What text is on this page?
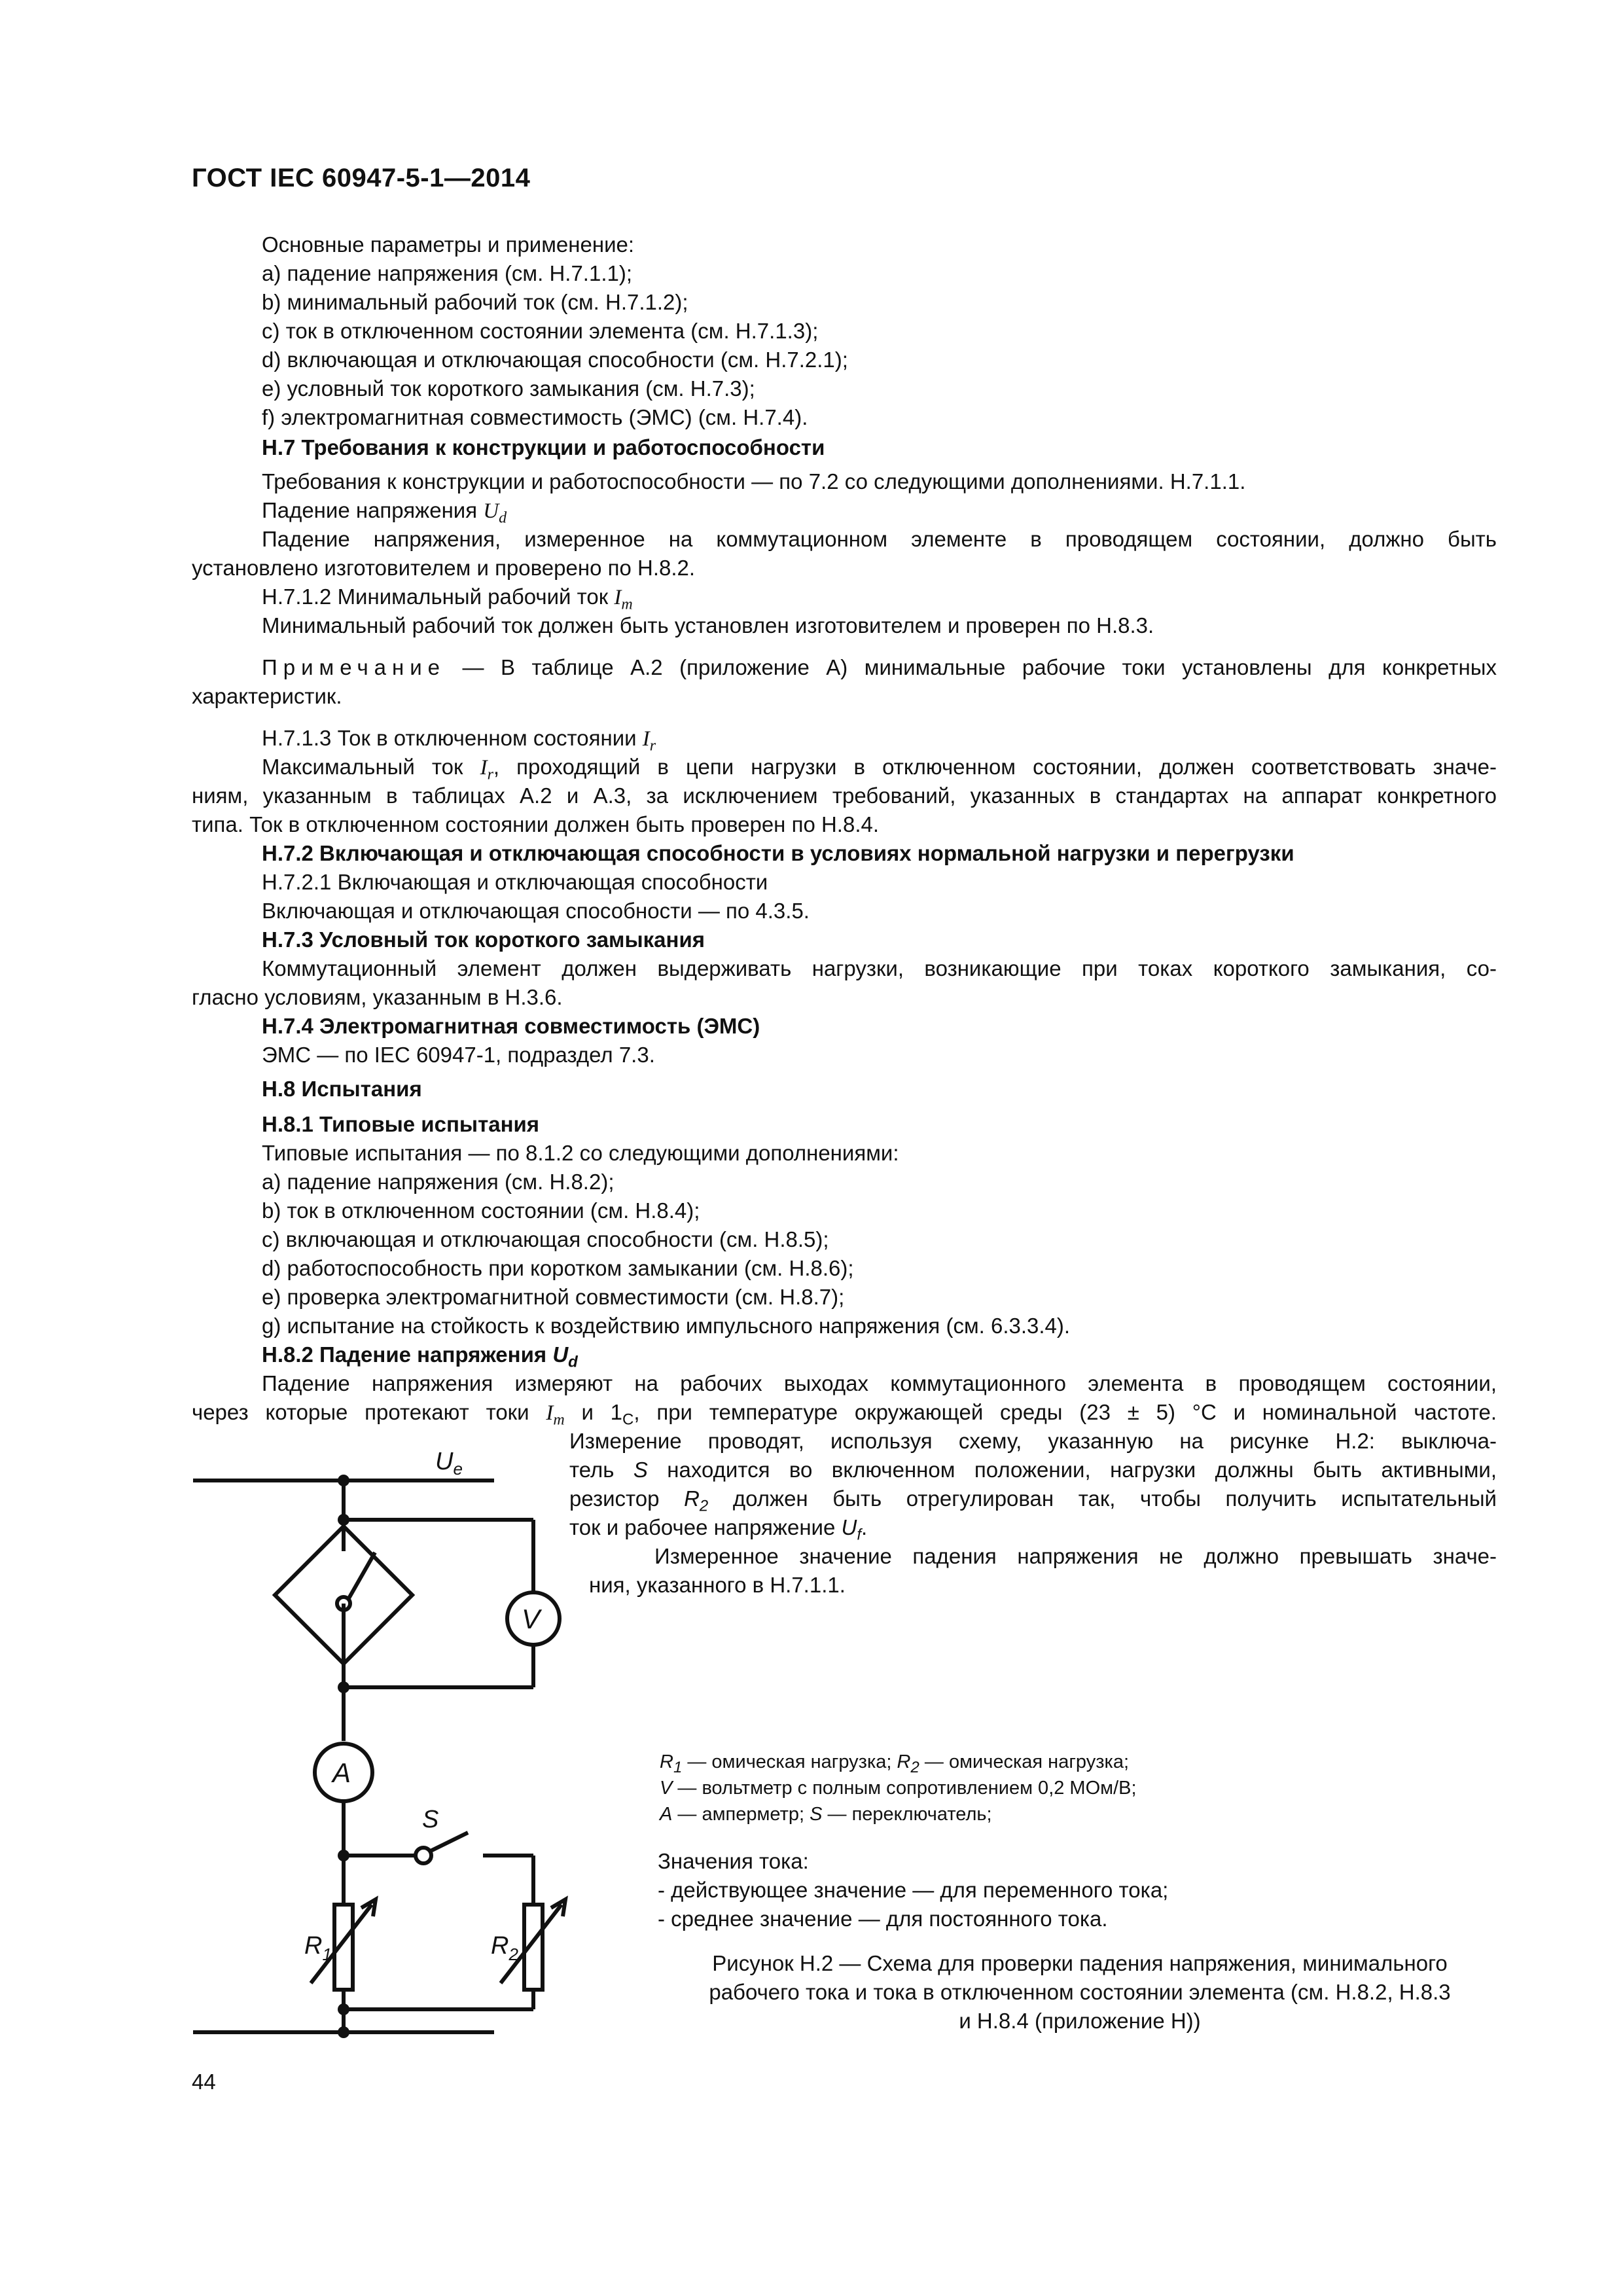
ГОСТ IEC 60947-5-1—2014
Основные параметры и применение:
a) падение напряжения (см. Н.7.1.1);
b) минимальный рабочий ток (см. Н.7.1.2);
c) ток в отключенном состоянии элемента (см. Н.7.1.3);
d) включающая и отключающая способности (см. Н.7.2.1);
e) условный ток короткого замыкания (см. Н.7.3);
f) электромагнитная совместимость (ЭМС) (см. Н.7.4).
Н.7 Требования к конструкции и работоспособности
Требования к конструкции и работоспособности — по 7.2 со следующими дополнениями. Н.7.1.1.
Падение напряжения $U_d$
Падение напряжения, измеренное на коммутационном элементе в проводящем состоянии, должно быть
установлено изготовителем и проверено по Н.8.2.
Н.7.1.2 Минимальный рабочий ток $I_m$
Минимальный рабочий ток должен быть установлен изготовителем и проверен по Н.8.3.
Примечание — В таблице А.2 (приложение А) минимальные рабочие токи установлены для конкретных
характеристик.
Н.7.1.3 Ток в отключенном состоянии $I_r$
Максимальный ток $I_r$, проходящий в цепи нагрузки в отключенном состоянии, должен соответствовать значе-
ниям, указанным в таблицах А.2 и А.3, за исключением требований, указанных в стандартах на аппарат конкретного
типа. Ток в отключенном состоянии должен быть проверен по Н.8.4.
Н.7.2 Включающая и отключающая способности в условиях нормальной нагрузки и перегрузки
Н.7.2.1 Включающая и отключающая способности
Включающая и отключающая способности — по 4.3.5.
Н.7.3 Условный ток короткого замыкания
Коммутационный элемент должен выдерживать нагрузки, возникающие при токах короткого замыкания, со-
гласно условиям, указанным в Н.3.6.
Н.7.4 Электромагнитная совместимость (ЭМС)
ЭМС — по IEC 60947-1, подраздел 7.3.
Н.8 Испытания
Н.8.1 Типовые испытания
Типовые испытания — по 8.1.2 со следующими дополнениями:
a) падение напряжения (см. Н.8.2);
b) ток в отключенном состоянии (см. Н.8.4);
c) включающая и отключающая способности (см. Н.8.5);
d) работоспособность при коротком замыкании (см. Н.8.6);
e) проверка электромагнитной совместимости (см. Н.8.7);
g) испытание на стойкость к воздействию импульсного напряжения (см. 6.3.3.4).
Н.8.2 Падение напряжения $U_d$
Падение напряжения измеряют на рабочих выходах коммутационного элемента в проводящем состоянии,
через которые протекают токи $I_m$ и $1_C$, при температуре окружающей среды (23 ± 5) °С и номинальной частоте.
Измерение проводят, используя схему, указанную на рисунке Н.2: выключа-
тель S находится во включенном положении, нагрузки должны быть активными,
резистор $R_2$ должен быть отрегулирован так, чтобы получить испытательный
ток и рабочее напряжение $U_f$.
Измеренное значение падения напряжения не должно превышать значе-
ния, указанного в Н.7.1.1.
$U_e$
V
A
S
$R_1$	$R_2$
$R_1$ — омическая нагрузка; $R_2$ — омическая нагрузка;
V — вольтметр с полным сопротивлением 0,2 МОм/В;
A — амперметр; S — переключатель;
Значения тока:
- действующее значение — для переменного тока;
- среднее значение — для постоянного тока.
Рисунок Н.2 — Схема для проверки падения напряжения, минимального
рабочего тока и тока в отключенном состоянии элемента (см. Н.8.2, Н.8.3
и Н.8.4 (приложение Н))
44
